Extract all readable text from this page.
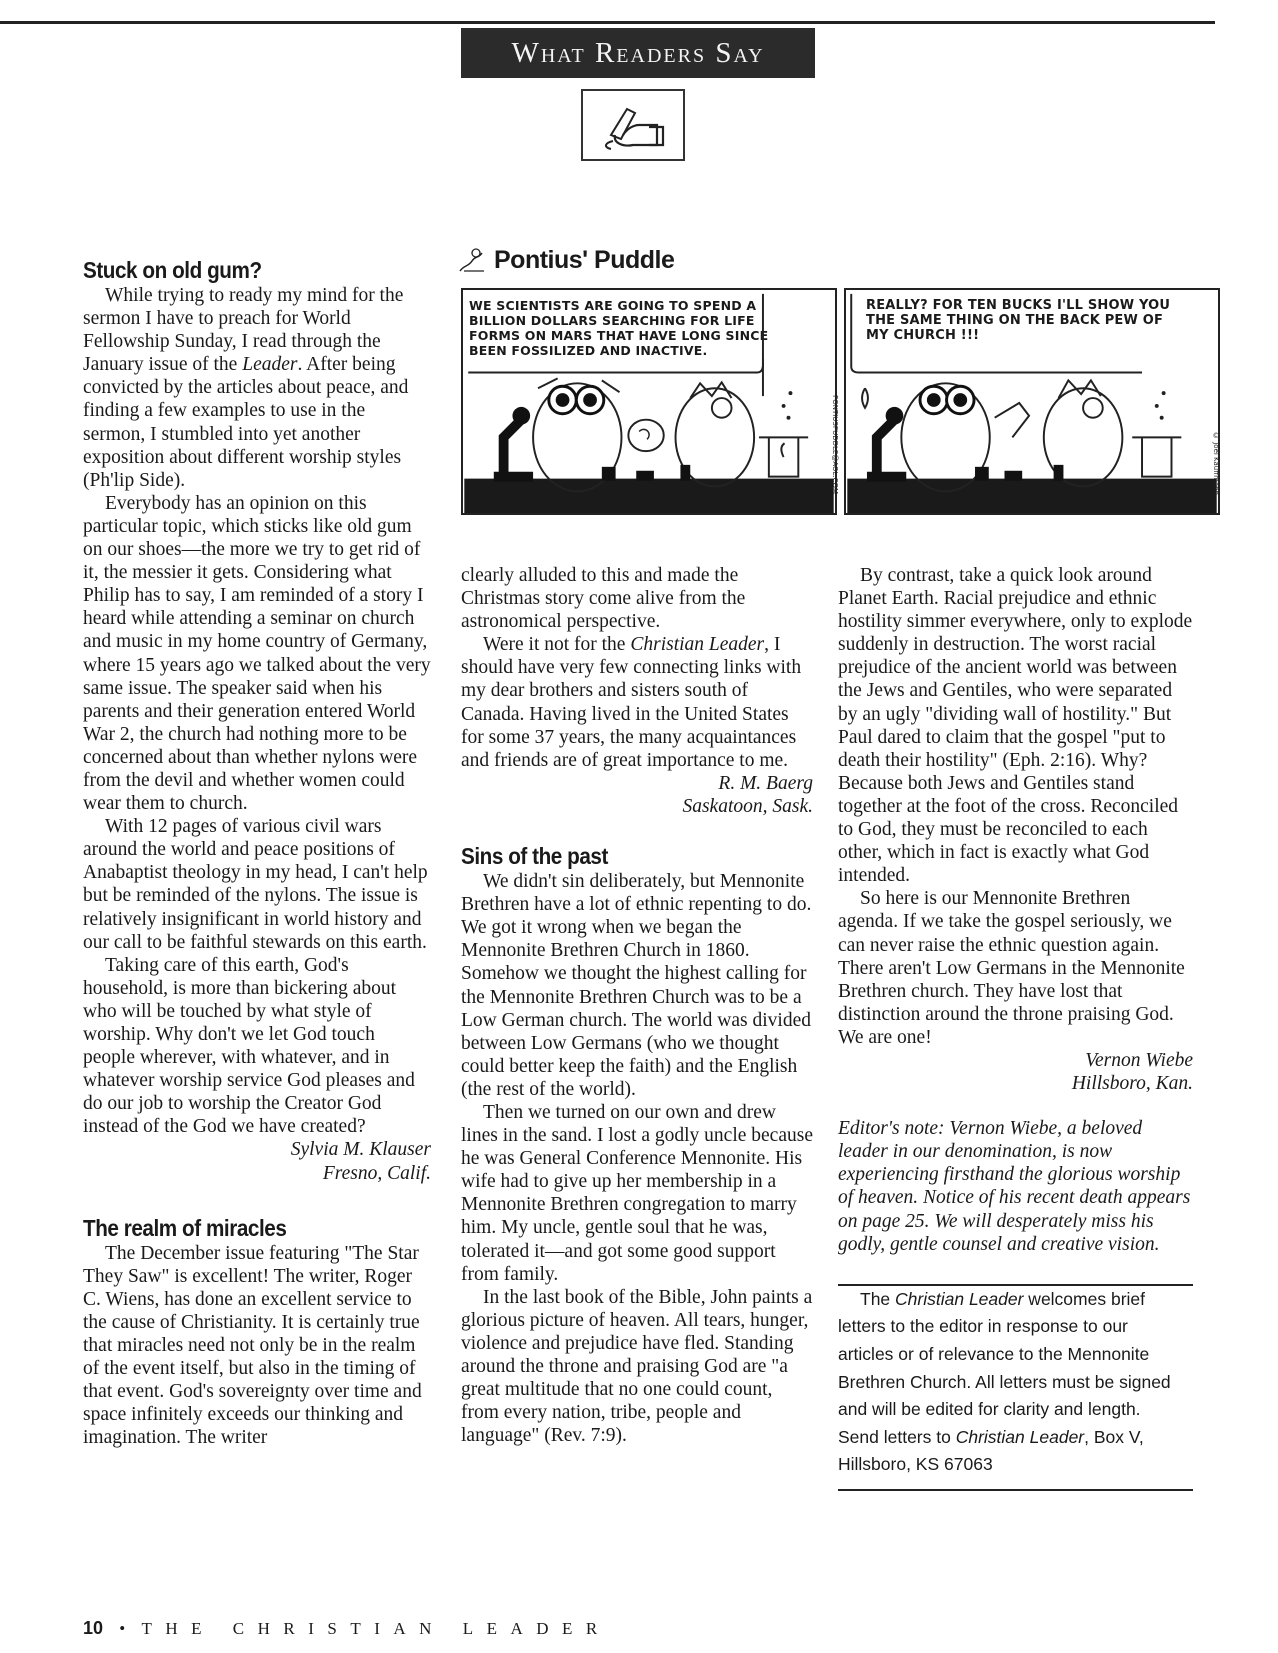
What Readers Say
Stuck on old gum?

While trying to ready my mind for the sermon I have to preach for World Fellowship Sunday, I read through the January issue of the Leader. After being convicted by the articles about peace, and finding a few examples to use in the sermon, I stumbled into yet another exposition about different worship styles (Ph'lip Side).

Everybody has an opinion on this particular topic, which sticks like old gum on our shoes—the more we try to get rid of it, the messier it gets. Considering what Philip has to say, I am reminded of a story I heard while attending a seminar on church and music in my home country of Germany, where 15 years ago we talked about the very same issue. The speaker said when his parents and their generation entered World War 2, the church had nothing more to be concerned about than whether nylons were from the devil and whether women could wear them to church.

With 12 pages of various civil wars around the world and peace positions of Anabaptist theology in my head, I can't help but be reminded of the nylons. The issue is relatively insignificant in world history and our call to be faithful stewards on this earth.

Taking care of this earth, God's household, is more than bickering about who will be touched by what style of worship. Why don't we let God touch people wherever, with whatever, and in whatever worship service God pleases and do our job to worship the Creator God instead of the God we have created?

Sylvia M. Klauser
Fresno, Calif.
The realm of miracles

The December issue featuring "The Star They Saw" is excellent! The writer, Roger C. Wiens, has done an excellent service to the cause of Christianity. It is certainly true that miracles need not only be in the realm of the event itself, but also in the timing of that event. God's sovereignty over time and space infinitely exceeds our thinking and imagination. The writer

Pontius' Puddle
WE SCIENTISTS ARE GOING TO SPEND A BILLION DOLLARS SEARCHING FOR LIFE FORMS ON MARS THAT HAVE LONG SINCE BEEN FOSSILIZED AND INACTIVE.
PONTIUSPUDDLE@AOL.COM
REALLY? FOR TEN BUCKS I'LL SHOW YOU THE SAME THING ON THE BACK PEW OF MY CHURCH !!!
© Joel Kauffmann

clearly alluded to this and made the Christmas story come alive from the astronomical perspective.

Were it not for the Christian Leader, I should have very few connecting links with my dear brothers and sisters south of Canada. Having lived in the United States for some 37 years, the many acquaintances and friends are of great importance to me.

R. M. Baerg
Saskatoon, Sask.
Sins of the past

We didn't sin deliberately, but Mennonite Brethren have a lot of ethnic repenting to do. We got it wrong when we began the Mennonite Brethren Church in 1860. Somehow we thought the highest calling for the Mennonite Brethren Church was to be a Low German church. The world was divided between Low Germans (who we thought could better keep the faith) and the English (the rest of the world).

Then we turned on our own and drew lines in the sand. I lost a godly uncle because he was General Conference Mennonite. His wife had to give up her membership in a Mennonite Brethren congregation to marry him. My uncle, gentle soul that he was, tolerated it—and got some good support from family.

In the last book of the Bible, John paints a glorious picture of heaven. All tears, hunger, violence and prejudice have fled. Standing around the throne and praising God are "a great multitude that no one could count, from every nation, tribe, people and language" (Rev. 7:9).

By contrast, take a quick look around Planet Earth. Racial prejudice and ethnic hostility simmer everywhere, only to explode suddenly in destruction. The worst racial prejudice of the ancient world was between the Jews and Gentiles, who were separated by an ugly "dividing wall of hostility." But Paul dared to claim that the gospel "put to death their hostility" (Eph. 2:16). Why? Because both Jews and Gentiles stand together at the foot of the cross. Reconciled to God, they must be reconciled to each other, which in fact is exactly what God intended.

So here is our Mennonite Brethren agenda. If we take the gospel seriously, we can never raise the ethnic question again. There aren't Low Germans in the Mennonite Brethren church. They have lost that distinction around the throne praising God. We are one!

Vernon Wiebe
Hillsboro, Kan.

Editor's note: Vernon Wiebe, a beloved leader in our denomination, is now experiencing firsthand the glorious worship of heaven. Notice of his recent death appears on page 25. We will desperately miss his godly, gentle counsel and creative vision.

The Christian Leader welcomes brief letters to the editor in response to our articles or of relevance to the Mennonite Brethren Church. All letters must be signed and will be edited for clarity and length. Send letters to Christian Leader, Box V, Hillsboro, KS 67063

10 • THE CHRISTIAN LEADER
